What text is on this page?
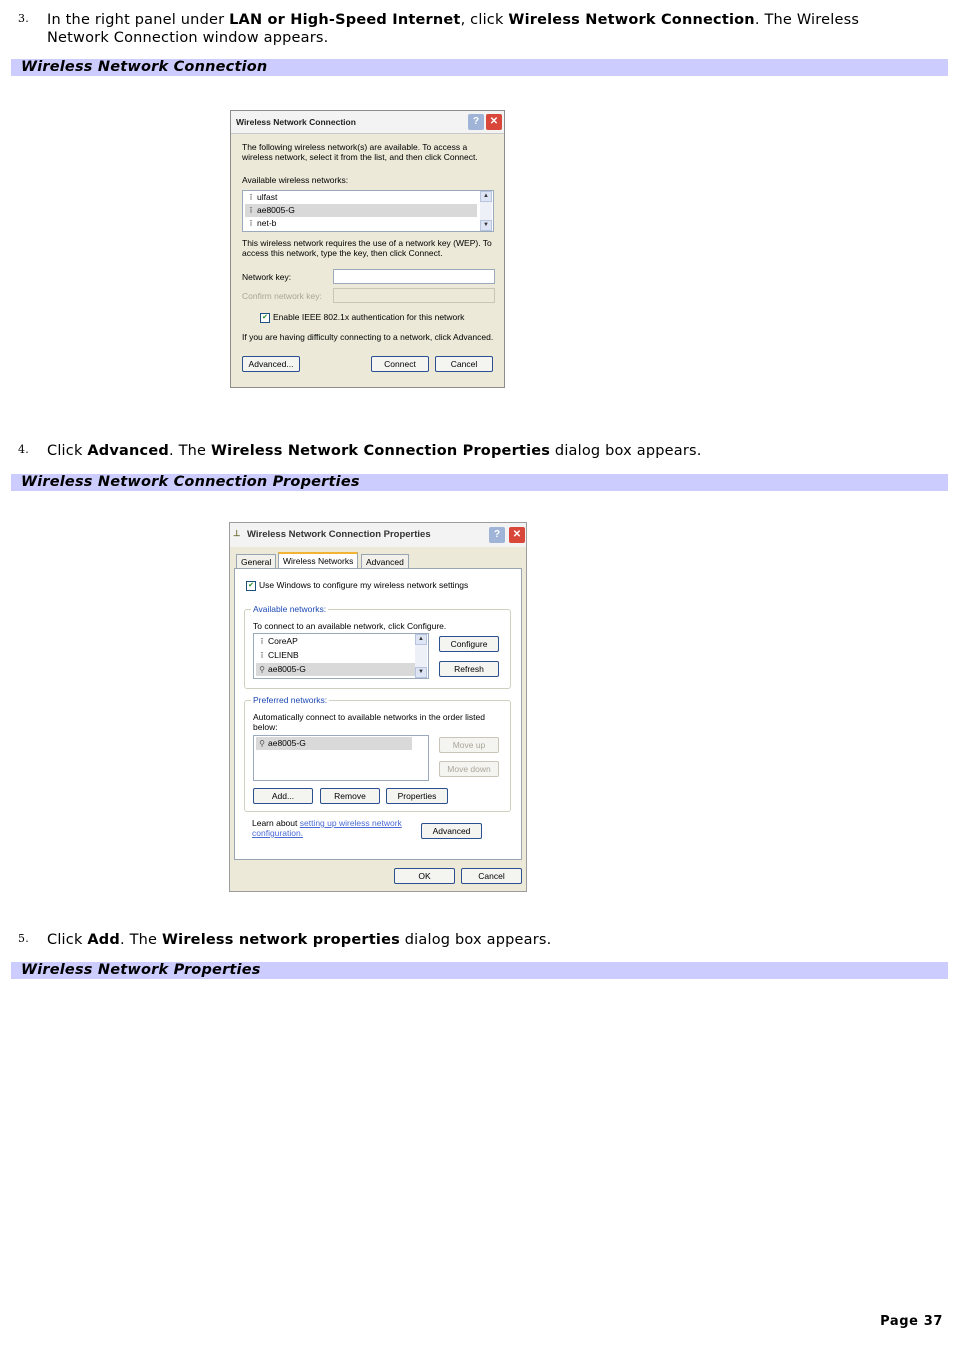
3. In the right panel under LAN or High-Speed Internet, click Wireless Network Connection. The Wireless Network Connection window appears.
Wireless Network Connection
Wireless Network Connection	?	✕
The following wireless network(s) are available. To access a wireless network, select it from the list, and then click Connect.
Available wireless networks:
ǐ ulfast
ǐ ae8005-G
ǐ net-b
▲
▼
This wireless network requires the use of a network key (WEP). To access this network, type the key, then click Connect.
Network key:
Confirm network key:
✔ Enable IEEE 802.1x authentication for this network
If you are having difficulty connecting to a network, click Advanced.
Advanced...	Connect	Cancel
4. Click Advanced. The Wireless Network Connection Properties dialog box appears.
Wireless Network Connection Properties
⊥ Wireless Network Connection Properties	?	✕
General	Wireless Networks	Advanced
✔ Use Windows to configure my wireless network settings
Available networks:
To connect to an available network, click Configure.
ǐ CoreAP
ǐ CLIENB
⚲ ae8005-G
▲
▼
Configure
Refresh
Preferred networks:
Automatically connect to available networks in the order listed below:
⚲ ae8005-G	Move up
Move down
Add...	Remove	Properties
Learn about setting up wireless network configuration.	Advanced
OK	Cancel
5. Click Add. The Wireless network properties dialog box appears.
Wireless Network Properties
Page 37
